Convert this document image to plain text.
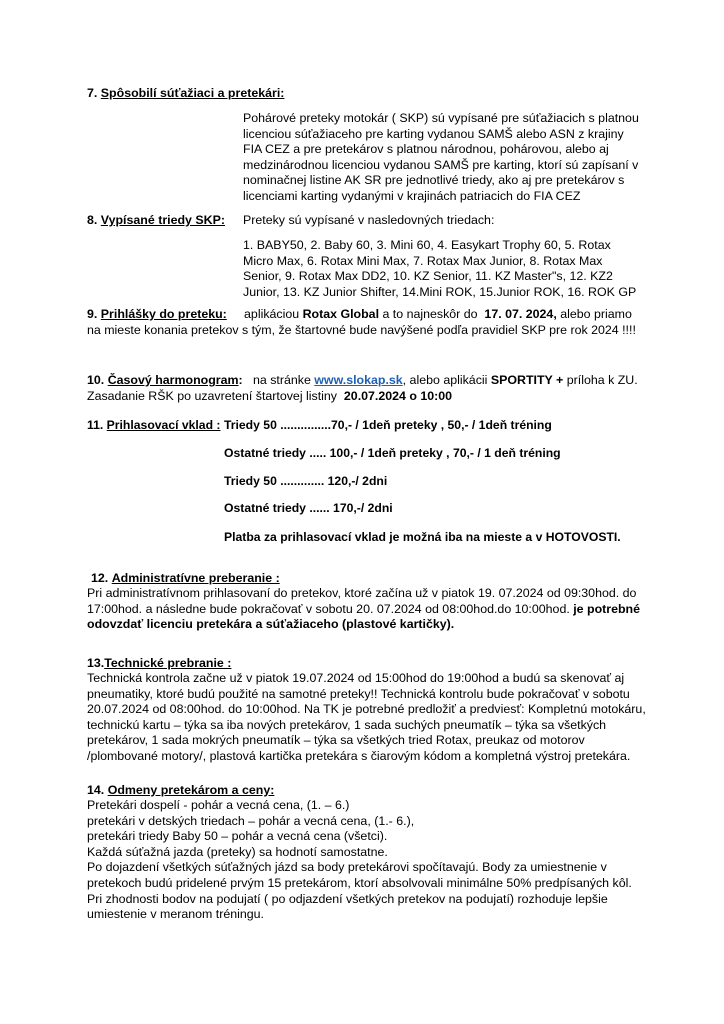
7. Spôsobilí súťažiaci a pretekári:

Pohárové preteky motokár ( SKP) sú vypísané pre súťažiacich s platnou

licenciou súťažiaceho pre karting vydanou SAMŠ alebo ASN z krajiny

FIA CEZ a pre pretekárov s platnou národnou, pohárovou, alebo aj

medzinárodnou licenciou vydanou SAMŠ pre karting, ktorí sú zapísaní v

nominačnej listine AK SR pre jednotlivé triedy, ako aj pre pretekárov s

licenciami karting vydanými v krajinách patriacich do FIA CEZ

8. Vypísané triedy SKP: Preteky sú vypísané v nasledovných triedach:

1. BABY50, 2. Baby 60, 3. Mini 60, 4. Easykart Trophy 60, 5. Rotax

Micro Max, 6. Rotax Mini Max, 7. Rotax Max Junior, 8. Rotax Max

Senior, 9. Rotax Max DD2, 10. KZ Senior, 11. KZ Master"s, 12. KZ2

Junior, 13. KZ Junior Shifter, 14.Mini ROK, 15.Junior ROK, 16. ROK GP

9. Prihlášky do preteku: aplikáciou Rotax Global a to najneskôr do 17. 07. 2024, alebo priamo

na mieste konania pretekov s tým, že štartovné bude navýšené podľa pravidiel SKP pre rok 2024 !!!!

10. Časový harmonogram: na stránke www.slokap.sk, alebo aplikácii SPORTITY + príloha k ZU.

Zasadanie RŠK po uzavretení štartovej listiny 20.07.2024 o 10:00

11. Prihlasovací vklad : Triedy 50 ...............70,- / 1deň preteky , 50,- / 1deň tréning
Ostatné triedy ..... 100,- / 1deň preteky , 70,- / 1 deň tréning
Triedy 50 ............. 120,-/ 2dni
Ostatné triedy ...... 170,-/ 2dni
Platba za prihlasovací vklad je možná iba na mieste a v HOTOVOSTI.
12. Administratívne preberanie :

Pri administratívnom prihlasovaní do pretekov, ktoré začína už v piatok 19. 07.2024 od 09:30hod. do

17:00hod. a následne bude pokračovať v sobotu 20. 07.2024 od 08:00hod.do 10:00hod. je potrebné

odovzdať licenciu pretekára a súťažiaceho (plastové kartičky).

13.Technické prebranie :

Technická kontrola začne už v piatok 19.07.2024 od 15:00hod do 19:00hod a budú sa skenovať aj

pneumatiky, ktoré budú použité na samotné preteky!! Technická kontrolu bude pokračovať v sobotu

20.07.2024 od 08:00hod. do 10:00hod. Na TK je potrebné predložiť a predviesť: Kompletnú motokáru,

technickú kartu – týka sa iba nových pretekárov, 1 sada suchých pneumatík – týka sa všetkých

pretekárov, 1 sada mokrých pneumatík – týka sa všetkých tried Rotax, preukaz od motorov

/plombované motory/, plastová kartička pretekára s čiarovým kódom a kompletná výstroj pretekára.

14. Odmeny pretekárom a ceny:

Pretekári dospelí - pohár a vecná cena, (1. – 6.)

pretekári v detských triedach – pohár a vecná cena, (1.- 6.),

pretekári triedy Baby 50 – pohár a vecná cena (všetci).

Každá súťažná jazda (preteky) sa hodnotí samostatne.

Po dojazdení všetkých súťažných jázd sa body pretekárovi spočítavajú. Body za umiestnenie v

pretekoch budú pridelené prvým 15 pretekárom, ktorí absolvovali minimálne 50% predpísaných kôl.

Pri zhodnosti bodov na podujatí ( po odjazdení všetkých pretekov na podujatí) rozhoduje lepšie

umiestenie v meranom tréningu.
